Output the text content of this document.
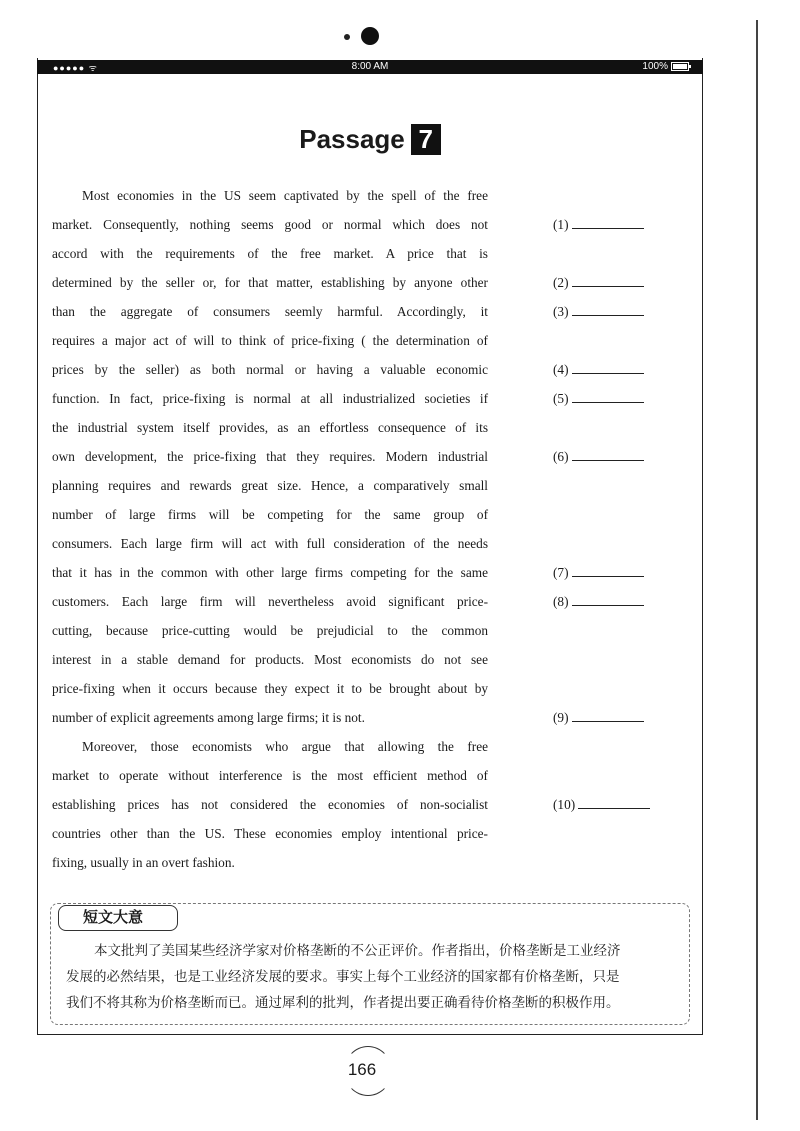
●●●●● ᯤ	8:00 AM	100%
Passage 7
Most economies in the US seem captivated by the spell of the free
market. Consequently, nothing seems good or normal which does not
accord with the requirements of the free market. A price that is
determined by the seller or, for that matter, establishing by anyone other
than the aggregate of consumers seemly harmful. Accordingly, it
requires a major act of will to think of price-fixing ( the determination of
prices by the seller) as both normal or having a valuable economic
function. In fact, price-fixing is normal at all industrialized societies if
the industrial system itself provides, as an effortless consequence of its
own development, the price-fixing that they requires. Modern industrial
planning requires and rewards great size. Hence, a comparatively small
number of large firms will be competing for the same group of
consumers. Each large firm will act with full consideration of the needs
that it has in the common with other large firms competing for the same
customers. Each large firm will nevertheless avoid significant price-
cutting, because price-cutting would be prejudicial to the common
interest in a stable demand for products. Most economists do not see
price-fixing when it occurs because they expect it to be brought about by
number of explicit agreements among large firms; it is not.
Moreover, those economists who argue that allowing the free
market to operate without interference is the most efficient method of
establishing prices has not considered the economies of non-socialist
countries other than the US. These economies employ intentional price-
fixing, usually in an overt fashion.
(1)
(2)
(3)
(4)
(5)
(6)
(7)
(8)
(9)
(10)
短文大意
本文批判了美国某些经济学家对价格垄断的不公正评价。作者指出，价格垄断是工业经济
发展的必然结果，也是工业经济发展的要求。事实上每个工业经济的国家都有价格垄断，只是
我们不将其称为价格垄断而已。通过犀利的批判，作者提出要正确看待价格垄断的积极作用。
166
